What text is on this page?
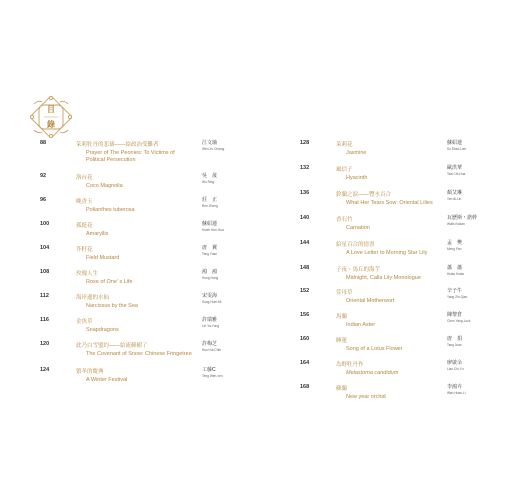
目
錄
88	茉莉牡丹的悲禱——給政治受難者
Prayer of The Peonies: To Victims of
Political Persecution
江文瑜
Wen-Yu Chiang
92	洛台花
Coco Magnolia
吳　晟
Wu Ring
96	晚香玉
Polianthes tuberosa
莊　正
Ren Zheng
100	孤挺花
Amaryllis
蘇紹連
Hsieh Hun-Hua
104	芥籽花
Field Mustard
唐　翼
Tang Yuan
108	玫瑰人生
Rose of One' s Life
鴻　鴻
Hung Hung
112	海岸邊的水仙
Narcissus by the Sea
宋雯海
Sung Huei-Mi
116	金魚草
Snapdragons
許瑞雅
Lin Ya-Yung
120	此乃白雪盟約——給流蘇樹了
The Covenant of Snow: Chinese Fringetree
許梅芝
Hsu Hui-Chih
124	繁冬的慶典
A Winter Festival
工藤C
Teng Wen-ven
128	茉莉花
Jasmine
蘇紹連
Su Shao-Lien
132	風信子
Hyacinth
歐洪華
Tsai Chi-Hua
136	鈴蘭之淚——豐水百合
What Her Tears Sow: Oriental Lilies
顏艾琳
Yen Ai-Lin
140	香石竹
Carnation
瓦歷斯・諾幹
Walis Nokan
144	給星百合的情書
A Love Letter to Morning Star Lily
孟　樊
Meng Fan
148	子夜・馬丘的海芋
Midnight, Calla Lily Monologue
蕭　蕭
Hsiao Hsiao
152	萱母草
Oriental Motherwort
辛子牛
Yang Zih-Qiao
156	馬蘭
Indian Aster
陳黎倉
Chen Yang-Lock
160	睡蓮
Song of a Lotus Flower
唐　捐
Tang Juan
164	為野牡丹作
Melastoma candidum
廖啟余
Liao Chi-Yu
168	蘇蘭
New year orchid
李鴻卉
Wan Huan-Li
